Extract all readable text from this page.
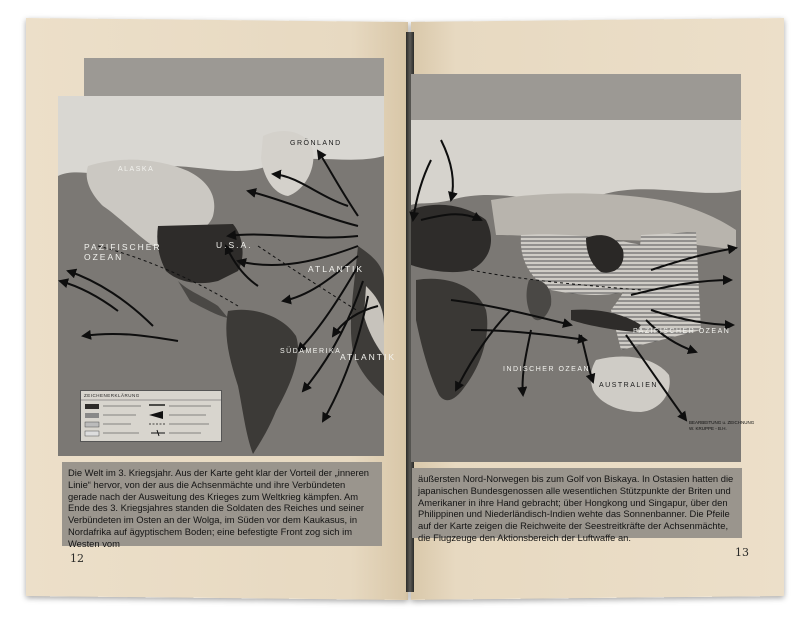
ALASKA
GRÖNLAND
PAZIFISCHER
OZEAN
U.S.A.
ATLANTIK
SÜDAMERIKA
ATLANTIK
ZEICHENERKLÄRUNG
INDISCHER OZEAN
PAZIFISCHER OZEAN
AUSTRALIEN
BEARBEITUNG u. ZEICHNUNG
W. KRUPPE - B.H.

Die Welt im 3. Kriegsjahr. Aus der Karte geht klar der Vorteil der „inneren Linie“ hervor, von der aus die Achsenmächte und ihre Verbündeten gerade nach der Ausweitung des Krieges zum Weltkrieg kämpfen. Am Ende des 3. Kriegsjahres standen die Soldaten des Reiches und seiner Verbündeten im Osten an der Wolga, im Süden vor dem Kaukasus, in Nordafrika auf ägyptischem Boden; eine befestigte Front zog sich im Westen vom

äußersten Nord-Norwegen bis zum Golf von Biskaya. In Ostasien hatten die japanischen Bundesgenossen alle wesentlichen Stützpunkte der Briten und Amerikaner in ihre Hand gebracht; über Hongkong und Singapur, über den Philippinen und Niederländisch-Indien wehte das Sonnenbanner. Die Pfeile auf der Karte zeigen die Reichweite der Seestreitkräfte der Achsenmächte, die Flugzeuge den Aktionsbereich der Luftwaffe an.

12	13
